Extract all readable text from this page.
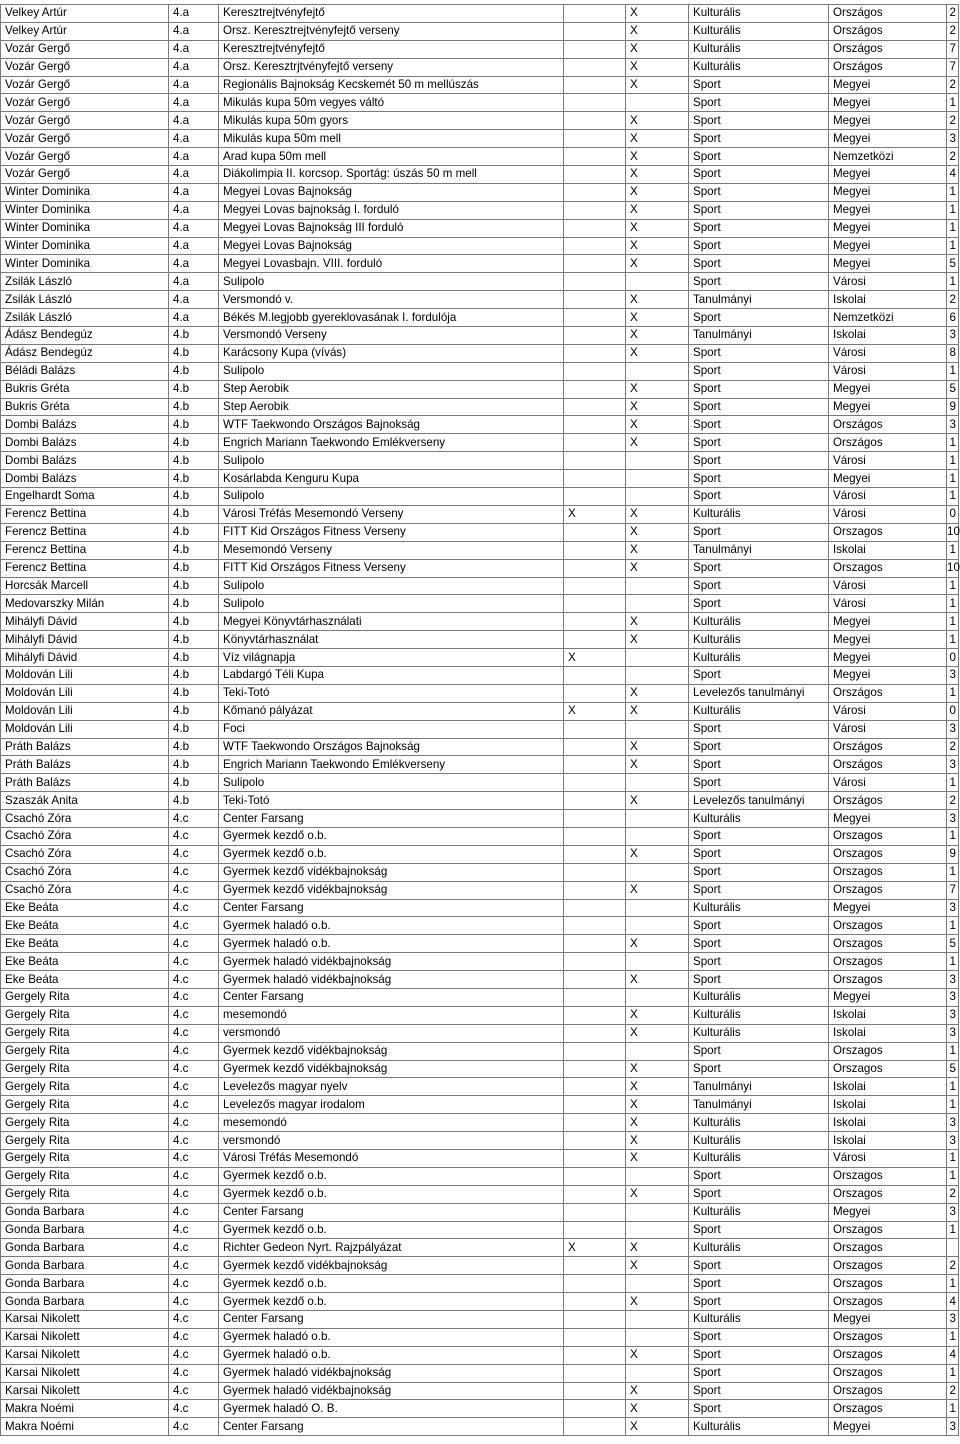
Velkey Artúr	4.a	Keresztrejtvényfejtő		X	Kulturális	Országos	2
Velkey Artúr	4.a	Orsz. Keresztrejtvényfejtő verseny		X	Kulturális	Országos	2
Vozár Gergő	4.a	Keresztrejtvényfejtő		X	Kulturális	Országos	7
Vozár Gergő	4.a	Orsz. Keresztrjtvényfejtő verseny		X	Kulturális	Országos	7
Vozár Gergő	4.a	Regionális Bajnokság Kecskemét 50 m mellúszás		X	Sport	Megyei	2
Vozár Gergő	4.a	Mikulás kupa 50m vegyes váltó			Sport	Megyei	1
Vozár Gergő	4.a	Mikulás kupa 50m gyors		X	Sport	Megyei	2
Vozár Gergő	4.a	Mikulás kupa 50m mell		X	Sport	Megyei	3
Vozár Gergő	4.a	Arad kupa 50m mell		X	Sport	Nemzetközi	2
Vozár Gergő	4.a	Diákolimpia II. korcsop. Sportág: úszás 50 m mell		X	Sport	Megyei	4
Winter Dominika	4.a	Megyei Lovas Bajnokság		X	Sport	Megyei	1
Winter Dominika	4.a	Megyei Lovas bajnokság I. forduló		X	Sport	Megyei	1
Winter Dominika	4.a	Megyei Lovas Bajnokság III forduló		X	Sport	Megyei	1
Winter Dominika	4.a	Megyei Lovas Bajnokság		X	Sport	Megyei	1
Winter Dominika	4.a	Megyei Lovasbajn. VIII. forduló		X	Sport	Megyei	5
Zsilák László	4.a	Sulipolo			Sport	Városi	1
Zsilák László	4.a	Versmondó v.		X	Tanulmányi	Iskolai	2
Zsilák László	4.a	Békés M.legjobb gyereklovasának I. fordulója		X	Sport	Nemzetközi	6
Ádász Bendegúz	4.b	Versmondó Verseny		X	Tanulmányi	Iskolai	3
Ádász Bendegúz	4.b	Karácsony Kupa (vívás)		X	Sport	Városi	8
Béládi Balázs	4.b	Sulipolo			Sport	Városi	1
Bukris Gréta	4.b	Step Aerobik		X	Sport	Megyei	5
Bukris Gréta	4.b	Step Aerobik		X	Sport	Megyei	9
Dombi Balázs	4.b	WTF Taekwondo Országos Bajnokság		X	Sport	Országos	3
Dombi Balázs	4.b	Engrich Mariann Taekwondo Emlékverseny		X	Sport	Országos	1
Dombi Balázs	4.b	Sulipolo			Sport	Városi	1
Dombi Balázs	4.b	Kosárlabda Kenguru Kupa			Sport	Megyei	1
Engelhardt Soma	4.b	Sulipolo			Sport	Városi	1
Ferencz Bettina	4.b	Városi Tréfás Mesemondó Verseny	X	X	Kulturális	Városi	0
Ferencz Bettina	4.b	FITT Kid Országos Fitness Verseny		X	Sport	Orszagos	10
Ferencz Bettina	4.b	Mesemondó Verseny		X	Tanulmányi	Iskolai	1
Ferencz Bettina	4.b	FITT Kid Országos Fitness Verseny		X	Sport	Orszagos	10
Horcsák Marcell	4.b	Sulipolo			Sport	Városi	1
Medovarszky Milán	4.b	Sulipolo			Sport	Városi	1
Mihályfi Dávid	4.b	Megyei Könyvtárhasználati		X	Kulturális	Megyei	1
Mihályfi Dávid	4.b	Könyvtárhasználat		X	Kulturális	Megyei	1
Mihályfi Dávid	4.b	Víz világnapja	X		Kulturális	Megyei	0
Moldován Lili	4.b	Labdargó Téli Kupa			Sport	Megyei	3
Moldován Lili	4.b	Teki-Totó		X	Levelezős tanulmányi	Országos	1
Moldován Lili	4.b	Kőmanó pályázat	X	X	Kulturális	Városi	0
Moldován Lili	4.b	Foci			Sport	Városi	3
Práth Balázs	4.b	WTF Taekwondo Országos Bajnokság		X	Sport	Országos	2
Práth Balázs	4.b	Engrich Mariann Taekwondo Emlékverseny		X	Sport	Országos	3
Práth Balázs	4.b	Sulipolo			Sport	Városi	1
Szaszák Anita	4.b	Teki-Totó		X	Levelezős tanulmányi	Országos	2
Csachó Zóra	4.c	Center Farsang			Kulturális	Megyei	3
Csachó Zóra	4.c	Gyermek kezdő o.b.			Sport	Orszagos	1
Csachó Zóra	4.c	Gyermek kezdő o.b.		X	Sport	Orszagos	9
Csachó Zóra	4.c	Gyermek kezdő vidékbajnokság			Sport	Orszagos	1
Csachó Zóra	4.c	Gyermek kezdő vidékbajnokság		X	Sport	Orszagos	7
Eke Beáta	4.c	Center Farsang			Kulturális	Megyei	3
Eke Beáta	4.c	Gyermek haladó o.b.			Sport	Orszagos	1
Eke Beáta	4.c	Gyermek haladó o.b.		X	Sport	Orszagos	5
Eke Beáta	4.c	Gyermek haladó vidékbajnokság			Sport	Orszagos	1
Eke Beáta	4.c	Gyermek haladó vidékbajnokság		X	Sport	Orszagos	3
Gergely Rita	4.c	Center Farsang			Kulturális	Megyei	3
Gergely Rita	4.c	mesemondó		X	Kulturális	Iskolai	3
Gergely Rita	4.c	versmondó		X	Kulturális	Iskolai	3
Gergely Rita	4.c	Gyermek kezdő vidékbajnokság			Sport	Orszagos	1
Gergely Rita	4.c	Gyermek kezdő vidékbajnokság		X	Sport	Orszagos	5
Gergely Rita	4.c	Levelezős magyar nyelv		X	Tanulmányi	Iskolai	1
Gergely Rita	4.c	Levelezős magyar irodalom		X	Tanulmányi	Iskolai	1
Gergely Rita	4.c	mesemondó		X	Kulturális	Iskolai	3
Gergely Rita	4.c	versmondó		X	Kulturális	Iskolai	3
Gergely Rita	4.c	Városi Tréfás Mesemondó		X	Kulturális	Városi	1
Gergely Rita	4.c	Gyermek kezdő o.b.			Sport	Orszagos	1
Gergely Rita	4.c	Gyermek kezdő o.b.		X	Sport	Orszagos	2
Gonda Barbara	4.c	Center Farsang			Kulturális	Megyei	3
Gonda Barbara	4.c	Gyermek kezdő o.b.			Sport	Orszagos	1
Gonda Barbara	4.c	Richter Gedeon Nyrt. Rajzpályázat	X	X	Kulturális	Orszagos	
Gonda Barbara	4.c	Gyermek kezdő vidékbajnokság		X	Sport	Orszagos	2
Gonda Barbara	4.c	Gyermek kezdő o.b.			Sport	Orszagos	1
Gonda Barbara	4.c	Gyermek kezdő o.b.		X	Sport	Orszagos	4
Karsai Nikolett	4.c	Center Farsang			Kulturális	Megyei	3
Karsai Nikolett	4.c	Gyermek haladó o.b.			Sport	Orszagos	1
Karsai Nikolett	4.c	Gyermek haladó o.b.		X	Sport	Orszagos	4
Karsai Nikolett	4.c	Gyermek haladó vidékbajnokság			Sport	Orszagos	1
Karsai Nikolett	4.c	Gyermek haladó vidékbajnokság		X	Sport	Orszagos	2
Makra Noémi	4.c	Gyermek haladó O. B.		X	Sport	Orszagos	1
Makra Noémi	4.c	Center Farsang		X	Kulturális	Megyei	3
